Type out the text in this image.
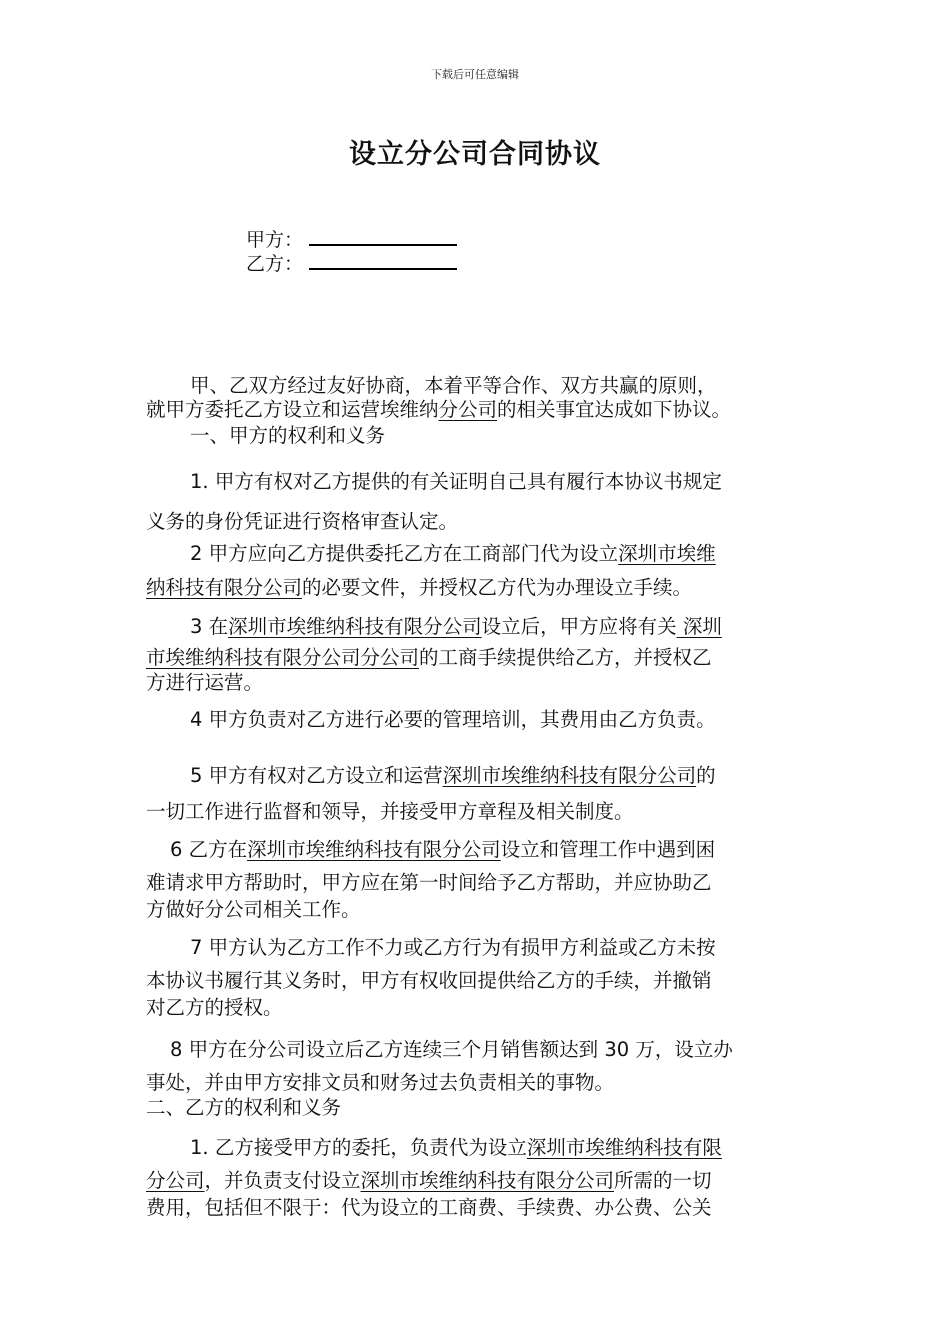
下载后可任意编辑
设立分公司合同协议
甲方：
乙方：
甲、乙双方经过友好协商，本着平等合作、双方共赢的原则，
就甲方委托乙方设立和运营埃维纳分公司的相关事宜达成如下协议。
一、甲方的权利和义务
1. 甲方有权对乙方提供的有关证明自己具有履行本协议书规定
义务的身份凭证进行资格审查认定。
2 甲方应向乙方提供委托乙方在工商部门代为设立深圳市埃维
纳科技有限分公司的必要文件，并授权乙方代为办理设立手续。
3 在深圳市埃维纳科技有限分公司设立后，甲方应将有关 深圳
市埃维纳科技有限分公司分公司的工商手续提供给乙方，并授权乙
方进行运营。
4 甲方负责对乙方进行必要的管理培训，其费用由乙方负责。
5 甲方有权对乙方设立和运营深圳市埃维纳科技有限分公司的
一切工作进行监督和领导，并接受甲方章程及相关制度。
6 乙方在深圳市埃维纳科技有限分公司设立和管理工作中遇到困
难请求甲方帮助时，甲方应在第一时间给予乙方帮助，并应协助乙
方做好分公司相关工作。
7 甲方认为乙方工作不力或乙方行为有损甲方利益或乙方未按
本协议书履行其义务时，甲方有权收回提供给乙方的手续，并撤销
对乙方的授权。
8 甲方在分公司设立后乙方连续三个月销售额达到 30 万，设立办
事处，并由甲方安排文员和财务过去负责相关的事物。
二、乙方的权利和义务
1. 乙方接受甲方的委托，负责代为设立深圳市埃维纳科技有限
分公司，并负责支付设立深圳市埃维纳科技有限分公司所需的一切
费用，包括但不限于：代为设立的工商费、手续费、办公费、公关
